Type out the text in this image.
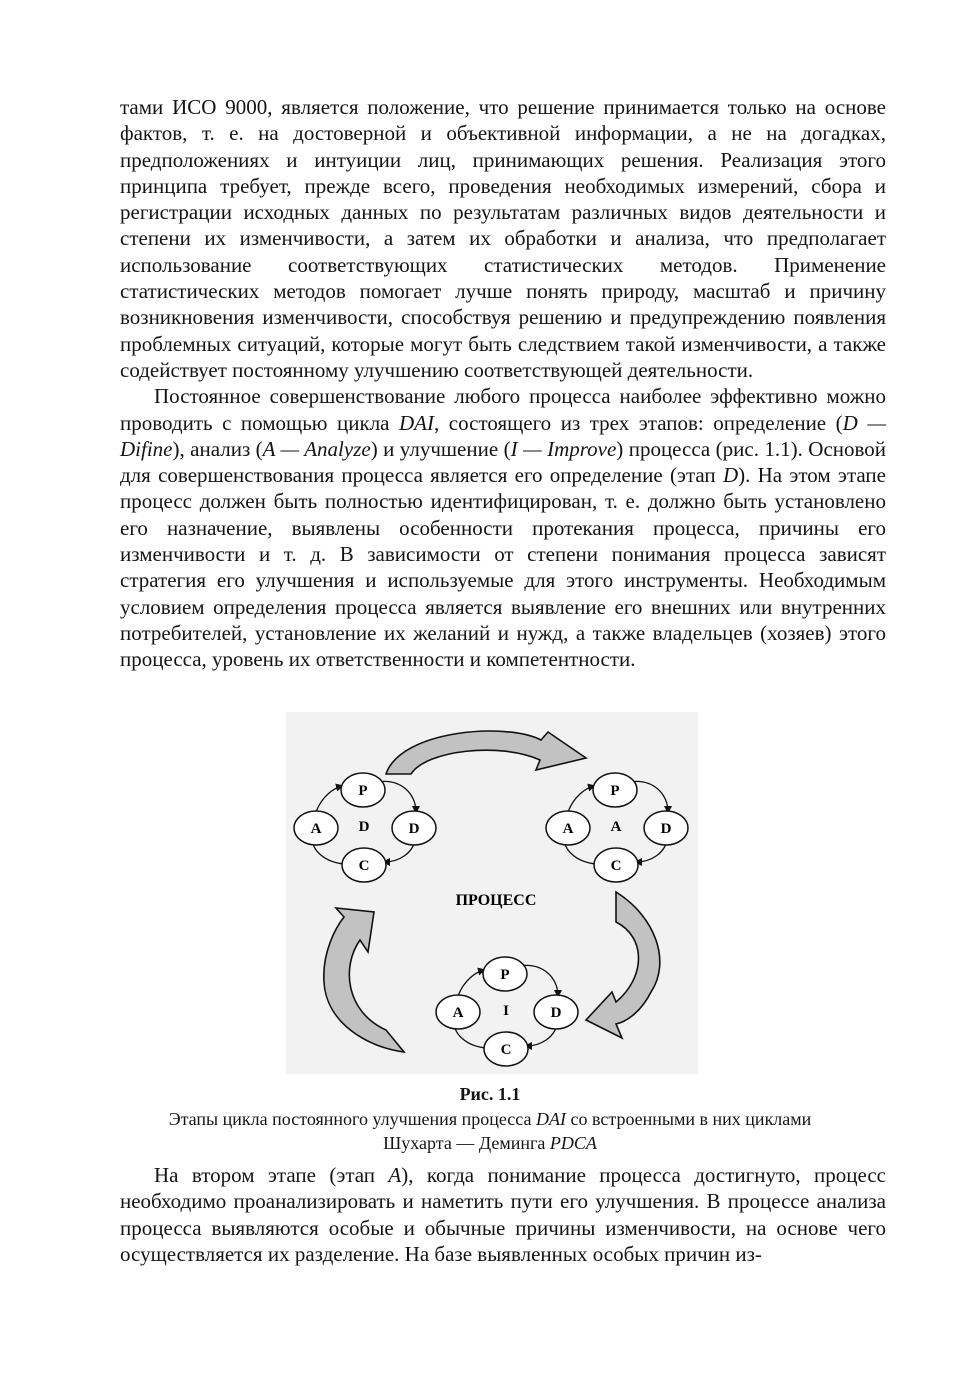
тами ИСО 9000, является положение, что решение принимается только на основе фактов, т. е. на достоверной и объективной информации, а не на догадках, предположениях и интуиции лиц, принимающих решения. Реализация этого принципа требует, прежде всего, проведения необходимых измерений, сбора и регистрации исходных данных по результатам различных видов деятельности и степени их изменчивости, а затем их обработки и анализа, что предполагает использование соответствующих статистических методов. Применение статистических методов помогает лучше понять природу, масштаб и причину возникновения изменчивости, способствуя решению и предупреждению появления проблемных ситуаций, которые могут быть следствием такой изменчивости, а также содействует постоянному улучшению соответствующей деятельности.

Постоянное совершенствование любого процесса наиболее эффективно можно проводить с помощью цикла DAI, состоящего из трех этапов: определение (D — Difine), анализ (A — Analyze) и улучшение (I — Improve) процесса (рис. 1.1). Основой для совершенствования процесса является его определение (этап D). На этом этапе процесс должен быть полностью идентифицирован, т. е. должно быть установлено его назначение, выявлены особенности протекания процесса, причины его изменчивости и т. д. В зависимости от степени понимания процесса зависят стратегия его улучшения и используемые для этого инструменты. Необходимым условием определения процесса является выявление его внешних или внутренних потребителей, установление их желаний и нужд, а также владельцев (хозяев) этого процесса, уровень их ответственности и компетентности.

P
A	D
C
D
P
A	D
C
A
P
A	D
C
I
ПРОЦЕСС
Рис. 1.1
Этапы цикла постоянного улучшения процесса DAI со встроенными в них циклами
Шухарта — Деминга PDCA

На втором этапе (этап A), когда понимание процесса достигнуто, процесс необходимо проанализировать и наметить пути его улучшения. В процессе анализа процесса выявляются особые и обычные причины изменчивости, на основе чего осуществляется их разделение. На базе выявленных особых причин из-
